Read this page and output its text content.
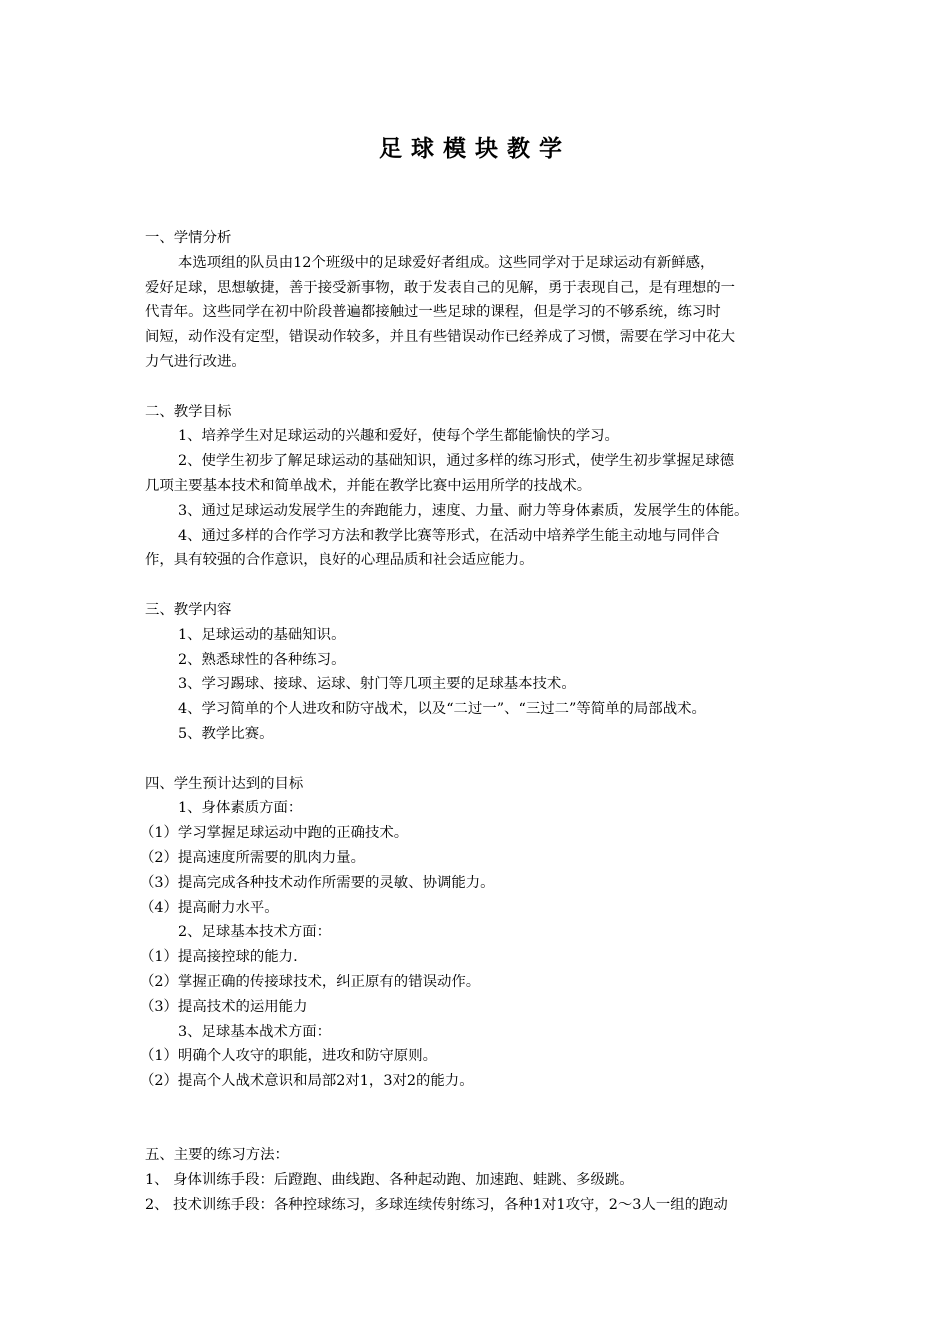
足球模块教学
一、学情分析
本选项组的队员由12个班级中的足球爱好者组成。这些同学对于足球运动有新鲜感，
爱好足球，思想敏捷，善于接受新事物，敢于发表自己的见解，勇于表现自己，是有理想的一
代青年。这些同学在初中阶段普遍都接触过一些足球的课程，但是学习的不够系统，练习时
间短，动作没有定型，错误动作较多，并且有些错误动作已经养成了习惯，需要在学习中花大
力气进行改进。
二、教学目标
1、培养学生对足球运动的兴趣和爱好，使每个学生都能愉快的学习。
2、使学生初步了解足球运动的基础知识，通过多样的练习形式，使学生初步掌握足球德
几项主要基本技术和简单战术，并能在教学比赛中运用所学的技战术。
3、通过足球运动发展学生的奔跑能力，速度、力量、耐力等身体素质，发展学生的体能。
4、通过多样的合作学习方法和教学比赛等形式，在活动中培养学生能主动地与同伴合
作，具有较强的合作意识，良好的心理品质和社会适应能力。
三、教学内容
1、足球运动的基础知识。
2、熟悉球性的各种练习。
3、学习踢球、接球、运球、射门等几项主要的足球基本技术。
4、学习简单的个人进攻和防守战术，以及“二过一”、“三过二”等简单的局部战术。
5、教学比赛。
四、学生预计达到的目标
1、身体素质方面：
（1）学习掌握足球运动中跑的正确技术。
（2）提高速度所需要的肌肉力量。
（3）提高完成各种技术动作所需要的灵敏、协调能力。
（4）提高耐力水平。
2、足球基本技术方面：
（1）提高接控球的能力.
（2）掌握正确的传接球技术，纠正原有的错误动作。
（3）提高技术的运用能力
3、足球基本战术方面：
（1）明确个人攻守的职能，进攻和防守原则。
（2）提高个人战术意识和局部2对1，3对2的能力。
五、主要的练习方法：
1、 身体训练手段：后蹬跑、曲线跑、各种起动跑、加速跑、蛙跳、多级跳。
2、 技术训练手段：各种控球练习，多球连续传射练习，各种1对1攻守，2～3人一组的跑动
